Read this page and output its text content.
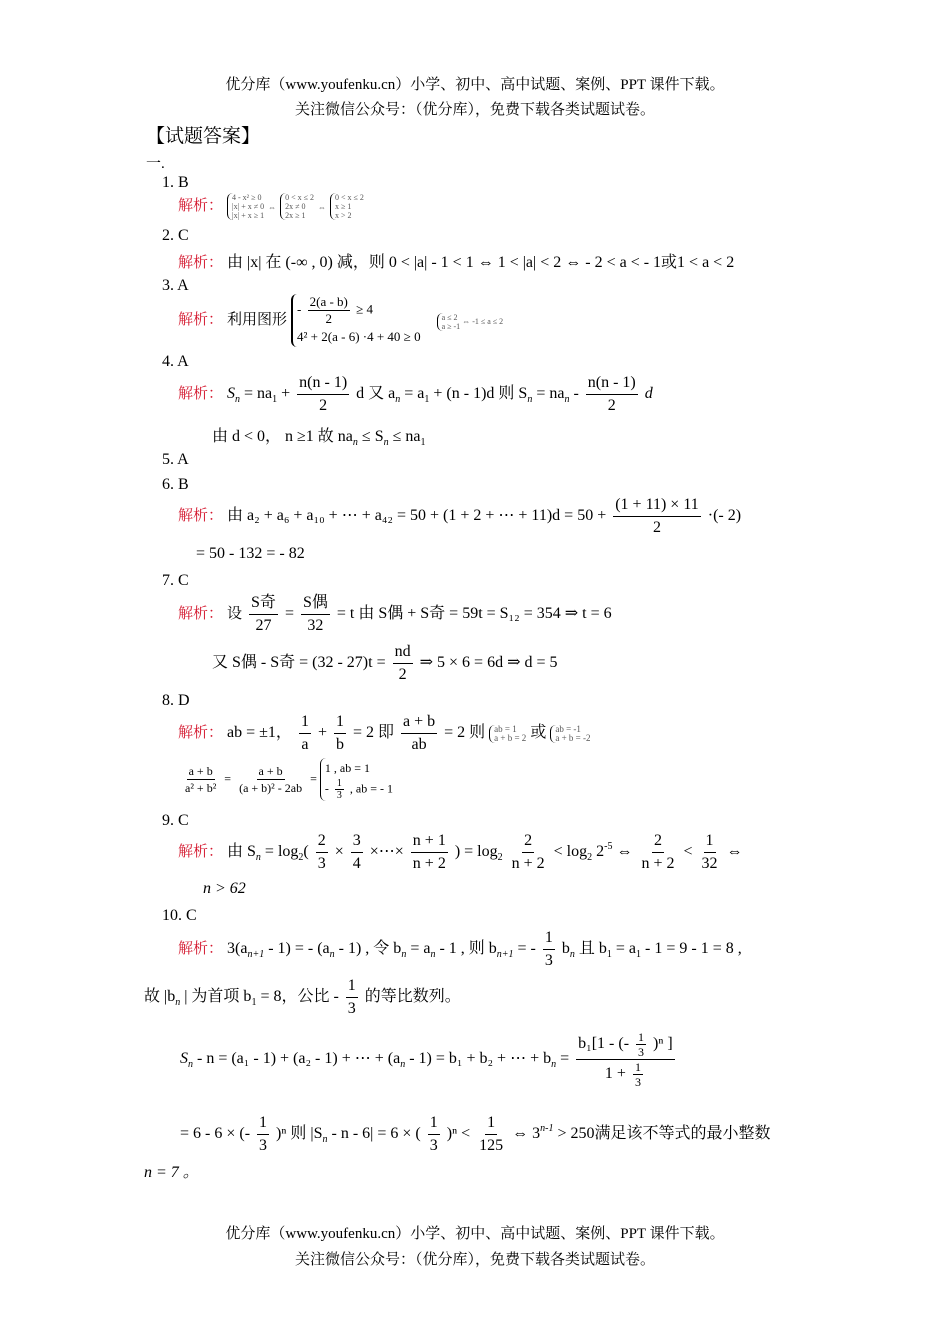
优分库（www.youfenku.cn）小学、初中、高中试题、案例、PPT 课件下载。
关注微信公众号：（优分库），免费下载各类试题试卷。
【试题答案】
一.
1. B
解析： 4 - x² ≥ 0
|x| + x ≠ 0
|x| + x ≥ 1 ⇔ 0 < x ≤ 2
2x ≠ 0
2x ≥ 1 ⇔ 0 < x ≤ 2
x ≥ 1
x > 2
2. C
解析： 由 |x| 在 (-∞ , 0) 减，则 0 < |a| - 1 < 1 ⇔ 1 < |a| < 2 ⇔ - 2 < a < - 1或1 < a < 2
3. A
解析： 利用图形 - $\frac{2(a - b)}{2} \ge 4$
4² + 2(a - 6) ·4 + 40 ≥ 0 a ≤ 2
a ≥ -1 ⇔ -1 ≤ a ≤ 2
4. A
解析： $S_n = na_1 + \frac{n(n - 1)}{2}$ d 又 $a_n = a_1 + (n - 1)d$ 则 $S_n = na_n - \frac{n(n - 1)}{2}$ d
由 d < 0， n ≥1 故 $na_n \le S_n \le na_1$
5. A
6. B
解析： 由 a₂ + a₆ + a₁₀ + ⋯ + a₄₂ = 50 + (1 + 2 + ⋯ + $11)d = 50 + \frac{(1 + 11) \times 11}{2}$ ·(- 2)
= 50 - 132 = - 82
7. C
解析： 设 $\frac{\text{S奇}}{27} = \frac{\text{S偶}}{32} = t$ 由 S偶 + S奇 = 59t = S₁₂ = 354 ⇒ t = 6
又 S偶 - S奇 = $(32 - 27)t = \frac{nd}{2}$ ⇒ 5 × 6 = 6d ⇒ d = 5
8. D
解析： ab = ±1， $\frac{1}{a} + \frac{1}{b} = 2$ 即 $\frac{a + b}{ab} = 2$ 则 ab = 1
a + b = 2 或 ab = -1
a + b = -2
$\frac{a + b}{\text{a² + b²}} = \frac{a + b}{\text{(a + b)² - 2ab}} = 1$ , ab = 1
- $\frac{1}{3}$ , ab = - 1
9. C
解析： 由 $S_n = \log_2( \frac{2}{3} \times \frac{3}{4}$ ×⋯× $\frac{n + 1}{n + 2}$ ) = $\log_2 \frac{2}{n + 2} < \log_2 2^{-5}$ ⇔ $\frac{2}{n + 2} < \frac{1}{32}$ ⇔
n > 62
10. C
解析： $3(a_{n+1} - 1)$ = - $(a_n - 1)$ , 令 $b_n = a_n - 1$ , 则 $b_{n+1}$ = - $\frac{1}{3} b_n$ 且 $b_1 = a_1 - 1 = 9 - 1 = 8$ ,
故 $|b_n$ | 为首项 $b_1 = 8$，公比 - $\frac{1}{3}$ 的等比数列。
$S_n - n = (a_1 - 1) + (a_2 - 1)$ + ⋯ + $(a_n - 1) = b_1 + b_2$ + ⋯ + $b_n = \frac{b_1[1 - (- \frac{1}{3} )^n ]}{1 + \frac{1}{3}}$
= 6 - 6 × (- $\frac{1}{3} )^n$ 则 $|S_n - n - 6| = 6$ × ( $\frac{1}{3} )^n < \frac{1}{125}$ ⇔ $3^{n-1} > 250$满足该不等式的最小整数
n = 7 。
优分库（www.youfenku.cn）小学、初中、高中试题、案例、PPT 课件下载。
关注微信公众号：（优分库），免费下载各类试题试卷。
